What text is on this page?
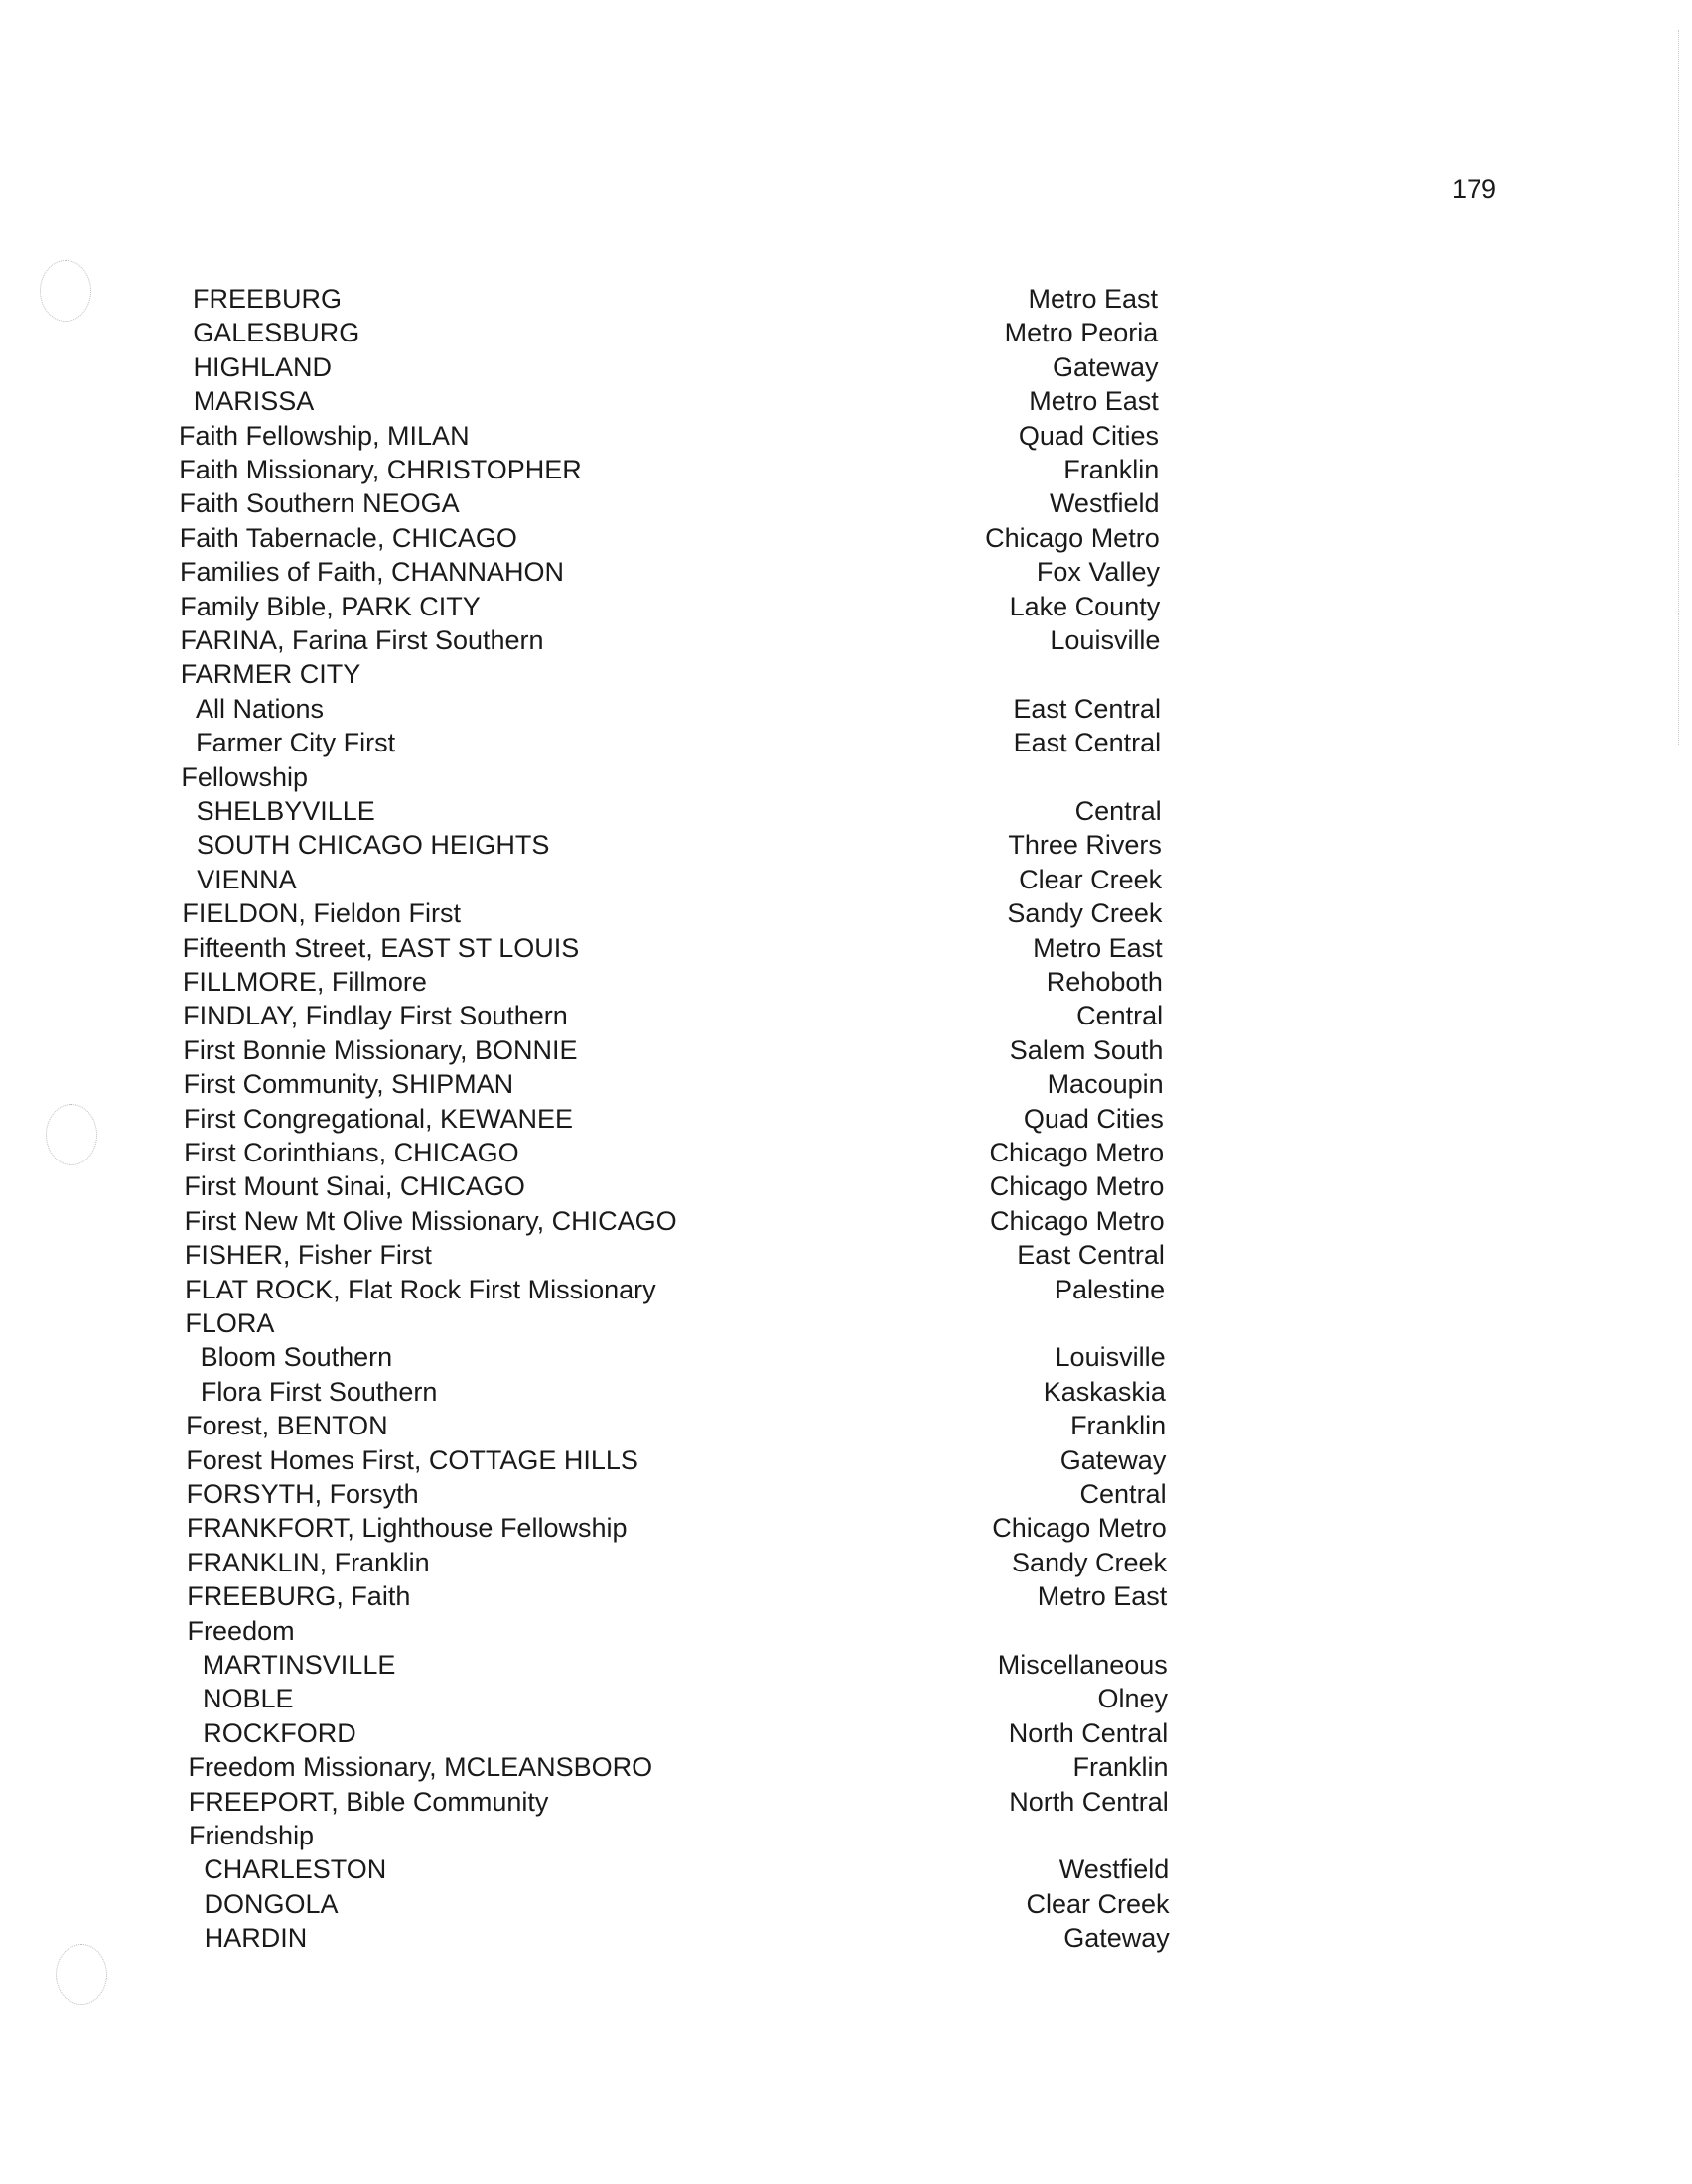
179
FREEBURG	Metro East
GALESBURG	Metro Peoria
HIGHLAND	Gateway
MARISSA	Metro East
Faith Fellowship, MILAN	Quad Cities
Faith Missionary, CHRISTOPHER	Franklin
Faith Southern NEOGA	Westfield
Faith Tabernacle, CHICAGO	Chicago Metro
Families of Faith, CHANNAHON	Fox Valley
Family Bible, PARK CITY	Lake County
FARINA, Farina First Southern	Louisville
FARMER CITY
All Nations	East Central
Farmer City First	East Central
Fellowship
SHELBYVILLE	Central
SOUTH CHICAGO HEIGHTS	Three Rivers
VIENNA	Clear Creek
FIELDON, Fieldon First	Sandy Creek
Fifteenth Street, EAST ST LOUIS	Metro East
FILLMORE, Fillmore	Rehoboth
FINDLAY, Findlay First Southern	Central
First Bonnie Missionary, BONNIE	Salem South
First Community, SHIPMAN	Macoupin
First Congregational, KEWANEE	Quad Cities
First Corinthians, CHICAGO	Chicago Metro
First Mount Sinai, CHICAGO	Chicago Metro
First New Mt Olive Missionary, CHICAGO	Chicago Metro
FISHER, Fisher First	East Central
FLAT ROCK, Flat Rock First Missionary	Palestine
FLORA
Bloom Southern	Louisville
Flora First Southern	Kaskaskia
Forest, BENTON	Franklin
Forest Homes First, COTTAGE HILLS	Gateway
FORSYTH, Forsyth	Central
FRANKFORT, Lighthouse Fellowship	Chicago Metro
FRANKLIN, Franklin	Sandy Creek
FREEBURG, Faith	Metro East
Freedom
MARTINSVILLE	Miscellaneous
NOBLE	Olney
ROCKFORD	North Central
Freedom Missionary, MCLEANSBORO	Franklin
FREEPORT, Bible Community	North Central
Friendship
CHARLESTON	Westfield
DONGOLA	Clear Creek
HARDIN	Gateway
